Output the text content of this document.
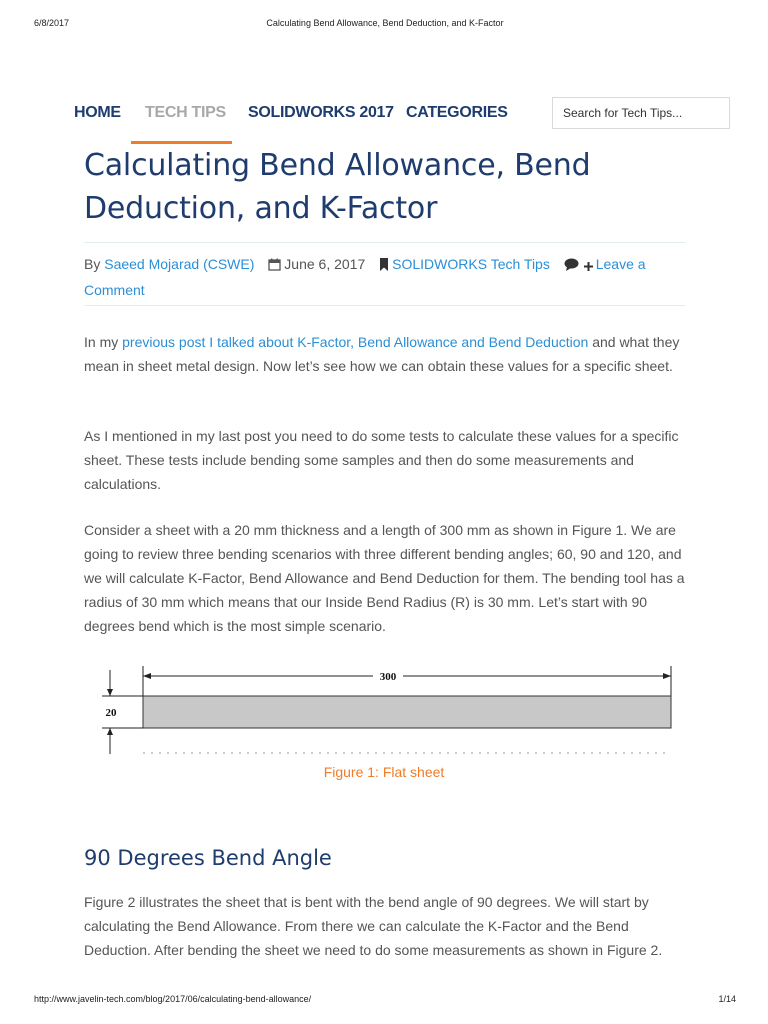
6/8/2017	Calculating Bend Allowance, Bend Deduction, and K-Factor
HOME TECH TIPS SOLIDWORKS 2017 CATEGORIES
Search for Tech Tips...
Calculating Bend Allowance, Bend Deduction, and K-Factor
By Saeed Mojarad (CSWE) June 6, 2017 SOLIDWORKS Tech Tips	Leave a Comment

In my previous post I talked about K-Factor, Bend Allowance and Bend Deduction and what they mean in sheet metal design. Now let’s see how we can obtain these values for a specific sheet.

As I mentioned in my last post you need to do some tests to calculate these values for a specific sheet. These tests include bending some samples and then do some measurements and calculations.

Consider a sheet with a 20 mm thickness and a length of 300 mm as shown in Figure 1. We are going to review three bending scenarios with three different bending angles; 60, 90 and 120, and we will calculate K-Factor, Bend Allowance and Bend Deduction for them. The bending tool has a radius of 30 mm which means that our Inside Bend Radius (R) is 30 mm. Let’s start with 90 degrees bend which is the most simple scenario.

300
20
Figure 1: Flat sheet
90 Degrees Bend Angle

Figure 2 illustrates the sheet that is bent with the bend angle of 90 degrees. We will start by calculating the Bend Allowance. From there we can calculate the K-Factor and the Bend Deduction. After bending the sheet we need to do some measurements as shown in Figure 2.

http://www.javelin-tech.com/blog/2017/06/calculating-bend-allowance/	1/14
